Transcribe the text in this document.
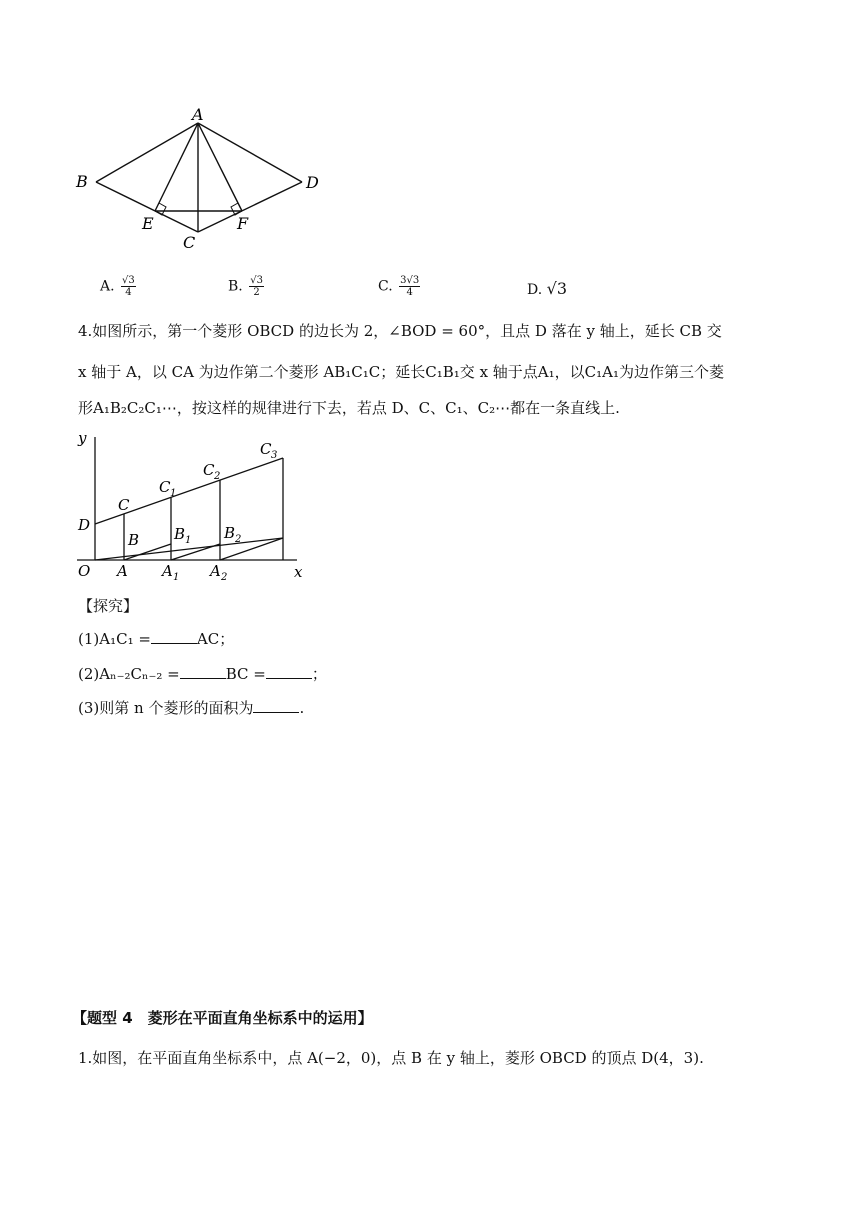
A
B	D
E	F
C
A. $\frac{√3}{4}$	B. $\frac{√3}{2}$	C. $\frac{3√3}{4}$	D. √3
4.如图所示，第一个菱形 OBCD 的边长为 2，∠BOD = 60°，且点 D 落在 y 轴上，延长 CB 交
x 轴于 A，以 CA 为边作第二个菱形 AB₁C₁C；延长C₁B₁交 x 轴于点A₁，以C₁A₁为边作第三个菱
形A₁B₂C₂C₁⋯，按这样的规律进行下去，若点 D、C、C₁、C₂⋯都在一条直线上.
y
x
O
D
A A 1 A 2
B B 1 B 2
C
C 1
C 2
C 3
【探究】
(1)A₁C₁ =	AC；
(2)Aₙ₋₂Cₙ₋₂ =	BC =	；
(3)则第 n 个菱形的面积为	.
【题型 4　菱形在平面直角坐标系中的运用】
1.如图，在平面直角坐标系中，点 A(−2，0)，点 B 在 y 轴上，菱形 OBCD 的顶点 D(4，3).
